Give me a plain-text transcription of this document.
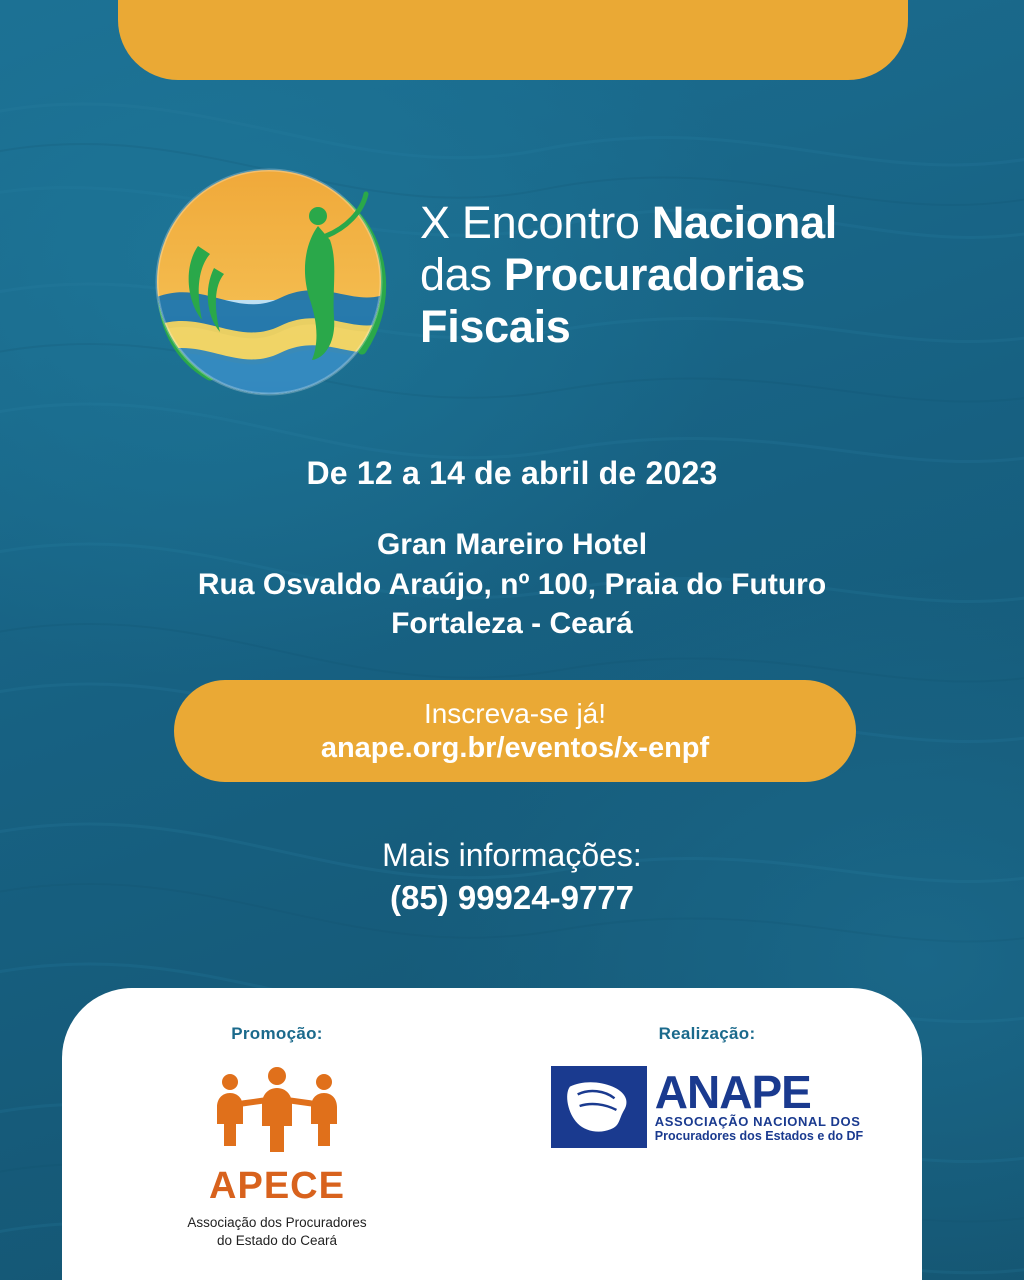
X Encontro Nacional
das Procuradorias
Fiscais
De 12 a 14 de abril de 2023
Gran Mareiro Hotel
Rua Osvaldo Araújo, nº 100, Praia do Futuro
Fortaleza - Ceará
Inscreva-se já!
anape.org.br/eventos/x-enpf
Mais informações:
(85) 99924-9777
Promoção:
APECE
Associação dos Procuradores
do Estado do Ceará
Realização:
ANAPE
ASSOCIAÇÃO NACIONAL DOS
Procuradores dos Estados e do DF
